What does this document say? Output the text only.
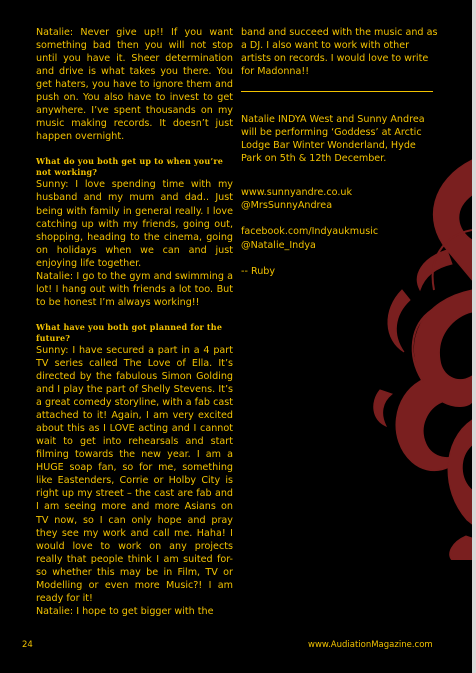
Natalie: Never give up!! If you want something bad then you will not stop until you have it. Sheer determination and drive is what takes you there. You get haters, you have to ignore them and push on. You also have to invest to get anywhere. I’ve spent thousands on my music making records. It doesn’t just happen overnight.

What do you both get up to when you’re not working?

Sunny: I love spending time with my husband and my mum and dad.. Just being with family in general really. I love catching up with my friends, going out, shopping, heading to the cinema, going on holidays when we can and just enjoying life together.

Natalie: I go to the gym and swimming a lot! I hang out with friends a lot too. But to be honest I’m always working!!

What have you both got planned for the future?

Sunny: I have secured a part in a 4 part TV series called The Love of Ella. It’s directed by the fabulous Simon Golding and I play the part of Shelly Stevens. It’s a great comedy storyline, with a fab cast attached to it! Again, I am very excited about this as I LOVE acting and I cannot wait to get into rehearsals and start filming towards the new year. I am a HUGE soap fan, so for me, something like Eastenders, Corrie or Holby City is right up my street – the cast are fab and I am seeing more and more Asians on TV now, so I can only hope and pray they see my work and call me. Haha! I would love to work on any projects really that people think I am suited for- so whether this may be in Film, TV or Modelling or even more Music?! I am ready for it!

Natalie: I hope to get bigger with the

band and succeed with the music and as a DJ. I also want to work with other artists on records. I would love to write for Madonna!!

Natalie INDYA West and Sunny Andrea will be performing ‘Goddess’ at Arctic Lodge Bar Winter Wonderland, Hyde Park on 5th & 12th December.

www.sunnyandre.co.uk

@MrsSunnyAndrea

facebook.com/Indyaukmusic

@Natalie_Indya

-- Ruby

24	www.AudiationMagazine.com
